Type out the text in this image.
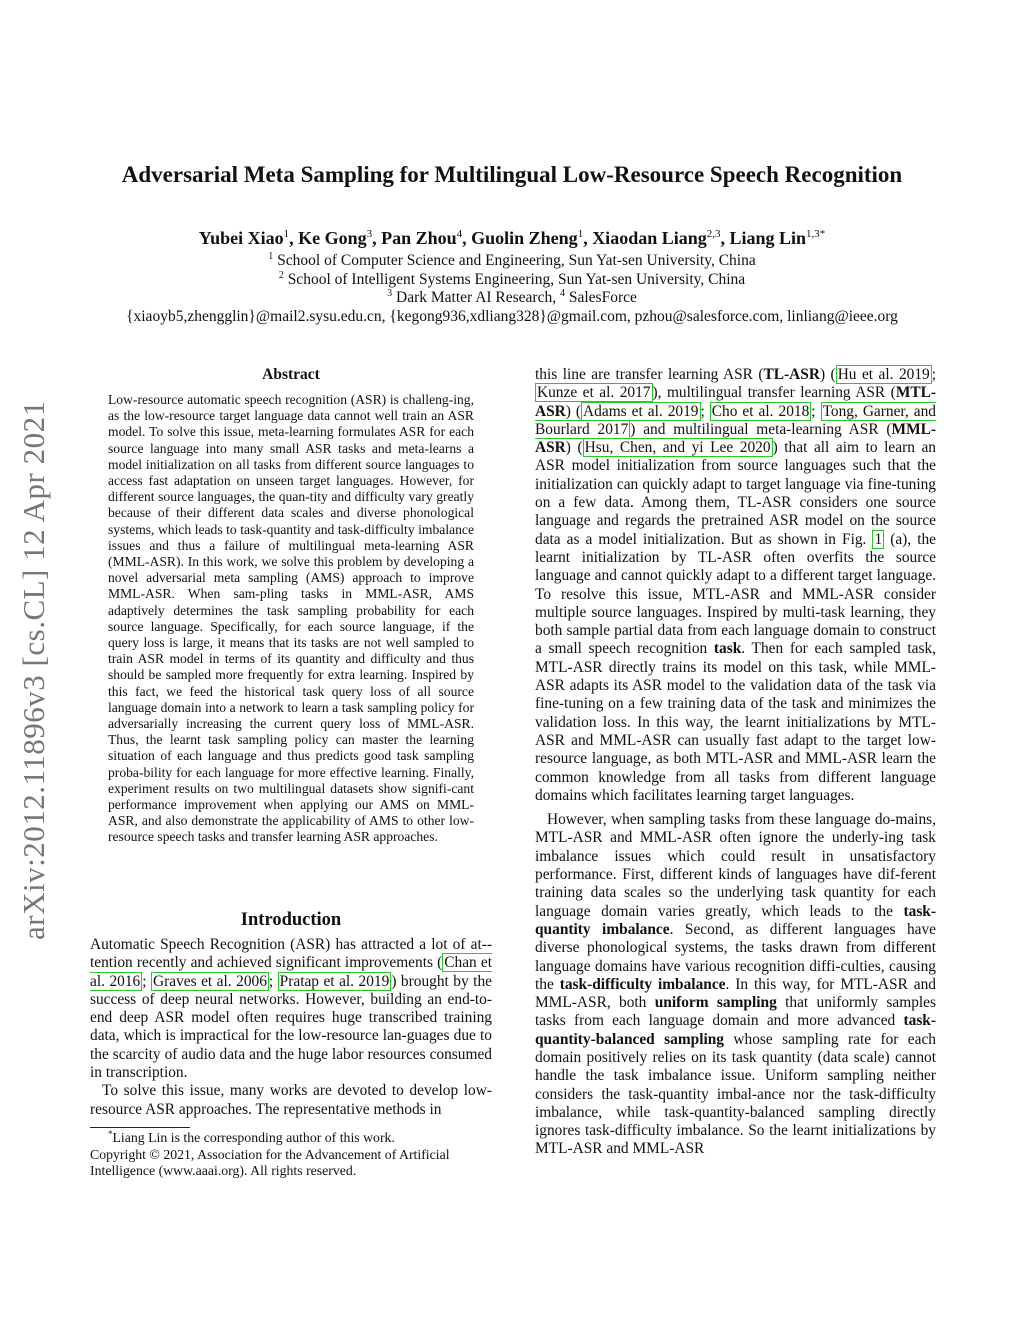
arXiv:2012.11896v3 [cs.CL] 12 Apr 2021
Adversarial Meta Sampling for Multilingual Low-Resource Speech Recognition
Yubei Xiao$^1$, Ke Gong$^3$, Pan Zhou$^4$, Guolin Zheng$^1$, Xiaodan Liang$^{2,3}$, Liang Lin$^{1,3*}$
$^1$ School of Computer Science and Engineering, Sun Yat-sen University, China
$^2$ School of Intelligent Systems Engineering, Sun Yat-sen University, China
$^3$ Dark Matter AI Research, $^4$ SalesForce
{xiaoyb5,zhengglin}@mail2.sysu.edu.cn, {kegong936,xdliang328}@gmail.com, pzhou@salesforce.com, linliang@ieee.org
Abstract
Low-resource automatic speech recognition (ASR) is challeng-ing, as the low-resource target language data cannot well train an ASR model. To solve this issue, meta-learning formulates ASR for each source language into many small ASR tasks and meta-learns a model initialization on all tasks from different source languages to access fast adaptation on unseen target languages. However, for different source languages, the quan-tity and difficulty vary greatly because of their different data scales and diverse phonological systems, which leads to task-quantity and task-difficulty imbalance issues and thus a failure of multilingual meta-learning ASR (MML-ASR). In this work, we solve this problem by developing a novel adversarial meta sampling (AMS) approach to improve MML-ASR. When sam-pling tasks in MML-ASR, AMS adaptively determines the task sampling probability for each source language. Specifically, for each source language, if the query loss is large, it means that its tasks are not well sampled to train ASR model in terms of its quantity and difficulty and thus should be sampled more frequently for extra learning. Inspired by this fact, we feed the historical task query loss of all source language domain into a network to learn a task sampling policy for adversarially increasing the current query loss of MML-ASR. Thus, the learnt task sampling policy can master the learning situation of each language and thus predicts good task sampling proba-bility for each language for more effective learning. Finally, experiment results on two multilingual datasets show signifi-cant performance improvement when applying our AMS on MML-ASR, and also demonstrate the applicability of AMS to other low-resource speech tasks and transfer learning ASR approaches.
Introduction

Automatic Speech Recognition (ASR) has attracted a lot of at-tention recently and achieved significant improvements ( Chan et al. 2016 ; Graves et al. 2006 ; Pratap et al. 2019 ) brought by the success of deep neural networks. However, building an end-to-end deep ASR model often requires huge transcribed training data, which is impractical for the low-resource lan-guages due to the scarcity of audio data and the huge labor resources consumed in transcription.

To solve this issue, many works are devoted to develop low-resource ASR approaches. The representative methods in

*Liang Lin is the corresponding author of this work.

Copyright © 2021, Association for the Advancement of Artificial Intelligence (www.aaai.org). All rights reserved.

this line are transfer learning ASR (TL-ASR) ( Hu et al. 2019 ; Kunze et al. 2017 ), multilingual transfer learning ASR (MTL-ASR) ( Adams et al. 2019 ; Cho et al. 2018 ; Tong, Garner, and Bourlard 2017 ) and multilingual meta-learning ASR (MML-ASR) ( Hsu, Chen, and yi Lee 2020 ) that all aim to learn an ASR model initialization from source languages such that the initialization can quickly adapt to target language via fine-tuning on a few data. Among them, TL-ASR considers one source language and regards the pretrained ASR model on the source data as a model initialization. But as shown in Fig. 1 (a), the learnt initialization by TL-ASR often overfits the source language and cannot quickly adapt to a different target language. To resolve this issue, MTL-ASR and MML-ASR consider multiple source languages. Inspired by multi-task learning, they both sample partial data from each language domain to construct a small speech recognition task. Then for each sampled task, MTL-ASR directly trains its model on this task, while MML-ASR adapts its ASR model to the validation data of the task via fine-tuning on a few training data of the task and minimizes the validation loss. In this way, the learnt initializations by MTL-ASR and MML-ASR can usually fast adapt to the target low-resource language, as both MTL-ASR and MML-ASR learn the common knowledge from all tasks from different language domains which facilitates learning target languages.

However, when sampling tasks from these language do-mains, MTL-ASR and MML-ASR often ignore the underly-ing task imbalance issues which could result in unsatisfactory performance. First, different kinds of languages have dif-ferent training data scales so the underlying task quantity for each language domain varies greatly, which leads to the task-quantity imbalance. Second, as different languages have diverse phonological systems, the tasks drawn from different language domains have various recognition diffi-culties, causing the task-difficulty imbalance. In this way, for MTL-ASR and MML-ASR, both uniform sampling that uniformly samples tasks from each language domain and more advanced task-quantity-balanced sampling whose sampling rate for each domain positively relies on its task quantity (data scale) cannot handle the task imbalance issue. Uniform sampling neither considers the task-quantity imbal-ance nor the task-difficulty imbalance, while task-quantity-balanced sampling directly ignores task-difficulty imbalance. So the learnt initializations by MTL-ASR and MML-ASR
